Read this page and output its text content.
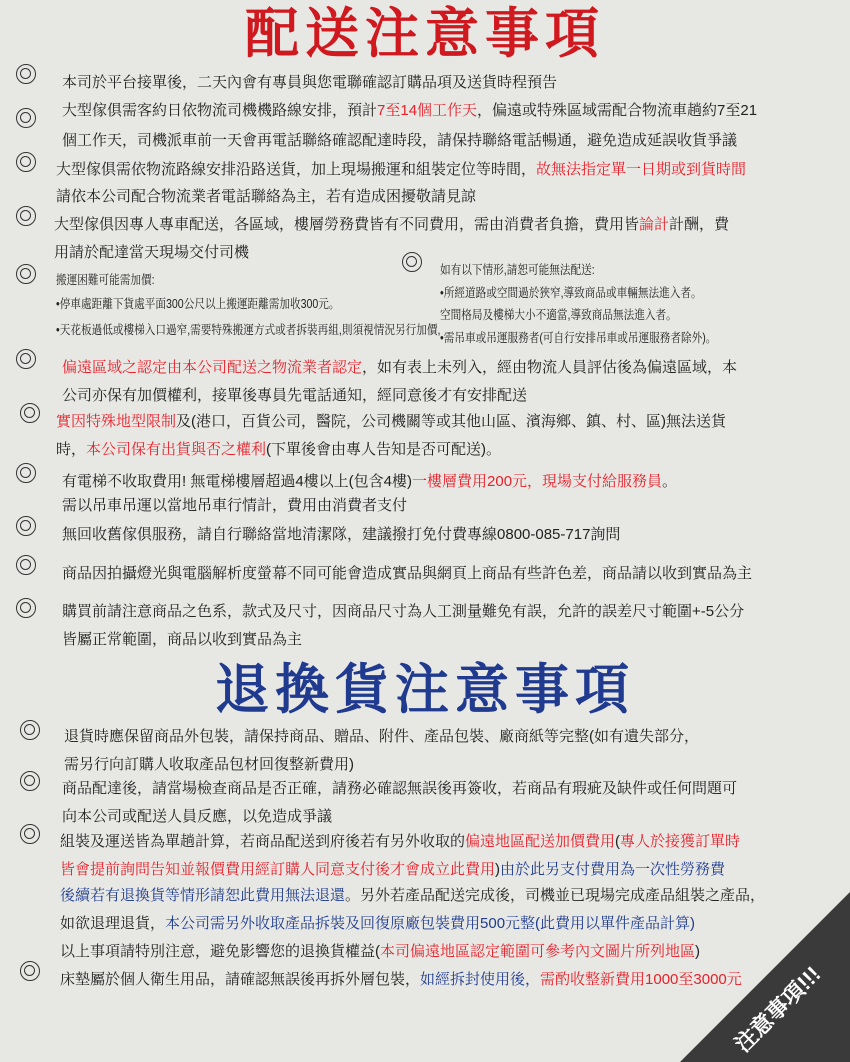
配送注意事項
退換貨注意事項
本司於平台接單後，二天內會有專員與您電聯確認訂購品項及送貨時程預告
大型傢俱需客約日依物流司機機路線安排，預計7至14個工作天，偏遠或特殊區域需配合物流車趟約7至21
個工作天，司機派車前一天會再電話聯絡確認配達時段，請保持聯絡電話暢通，避免造成延誤收貨爭議
大型傢俱需依物流路線安排沿路送貨，加上現場搬運和組裝定位等時間，故無法指定單一日期或到貨時間
請依本公司配合物流業者電話聯絡為主，若有造成困擾敬請見諒
大型傢俱因專人專車配送，各區域，樓層勞務費皆有不同費用，需由消費者負擔，費用皆論計計酬，費
用請於配達當天現場交付司機
搬運困難可能需加價:
•停車處距離下貨處平面300公尺以上搬運距離需加收300元。
•天花板過低或樓梯入口過窄,需要特殊搬運方式或者拆裝再組,則須視情況另行加價,
如有以下情形,請恕可能無法配送:
•所經道路或空間過於狹窄,導致商品或車輛無法進入者。
空間格局及樓梯大小不適當,導致商品無法進入者。
•需吊車或吊運服務者(可自行安排吊車或吊運服務者除外)。
偏遠區域之認定由本公司配送之物流業者認定，如有表上未列入，經由物流人員評估後為偏遠區域，本
公司亦保有加價權利，接單後專員先電話通知，經同意後才有安排配送
實因特殊地型限制及(港口，百貨公司，醫院，公司機關等或其他山區、濱海鄉、鎮、村、區)無法送貨
時，本公司保有出貨與否之權利(下單後會由專人告知是否可配送)。
有電梯不收取費用! 無電梯樓層超過4樓以上(包含4樓)一樓層費用200元，現場支付給服務員。
需以吊車吊運以當地吊車行情計，費用由消費者支付
無回收舊傢俱服務，請自行聯絡當地清潔隊，建議撥打免付費專線0800-085-717詢問
商品因拍攝燈光與電腦解析度螢幕不同可能會造成實品與網頁上商品有些許色差，商品請以收到實品為主
購買前請注意商品之色系，款式及尺寸，因商品尺寸為人工測量難免有誤，允許的誤差尺寸範圍+-5公分
皆屬正常範圍，商品以收到實品為主
退貨時應保留商品外包裝，請保持商品、贈品、附件、產品包裝、廠商紙等完整(如有遺失部分，
需另行向訂購人收取產品包材回復整新費用)
商品配達後，請當場檢查商品是否正確，請務必確認無誤後再簽收，若商品有瑕疵及缺件或任何問題可
向本公司或配送人員反應，以免造成爭議
組裝及運送皆為單趟計算，若商品配送到府後若有另外收取的偏遠地區配送加價費用(專人於接獲訂單時
皆會提前詢問告知並報價費用經訂購人同意支付後才會成立此費用)由於此另支付費用為一次性勞務費
後續若有退換貨等情形請恕此費用無法退還。另外若產品配送完成後，司機並已現場完成產品組裝之產品，
如欲退理退貨，本公司需另外收取產品拆裝及回復原廠包裝費用500元整(此費用以單件產品計算)
以上事項請特別注意，避免影響您的退換貨權益(本司偏遠地區認定範圍可參考內文圖片所列地區)
床墊屬於個人衛生用品，請確認無誤後再拆外層包裝，如經拆封使用後，需酌收整新費用1000至3000元
注意事項!!!
